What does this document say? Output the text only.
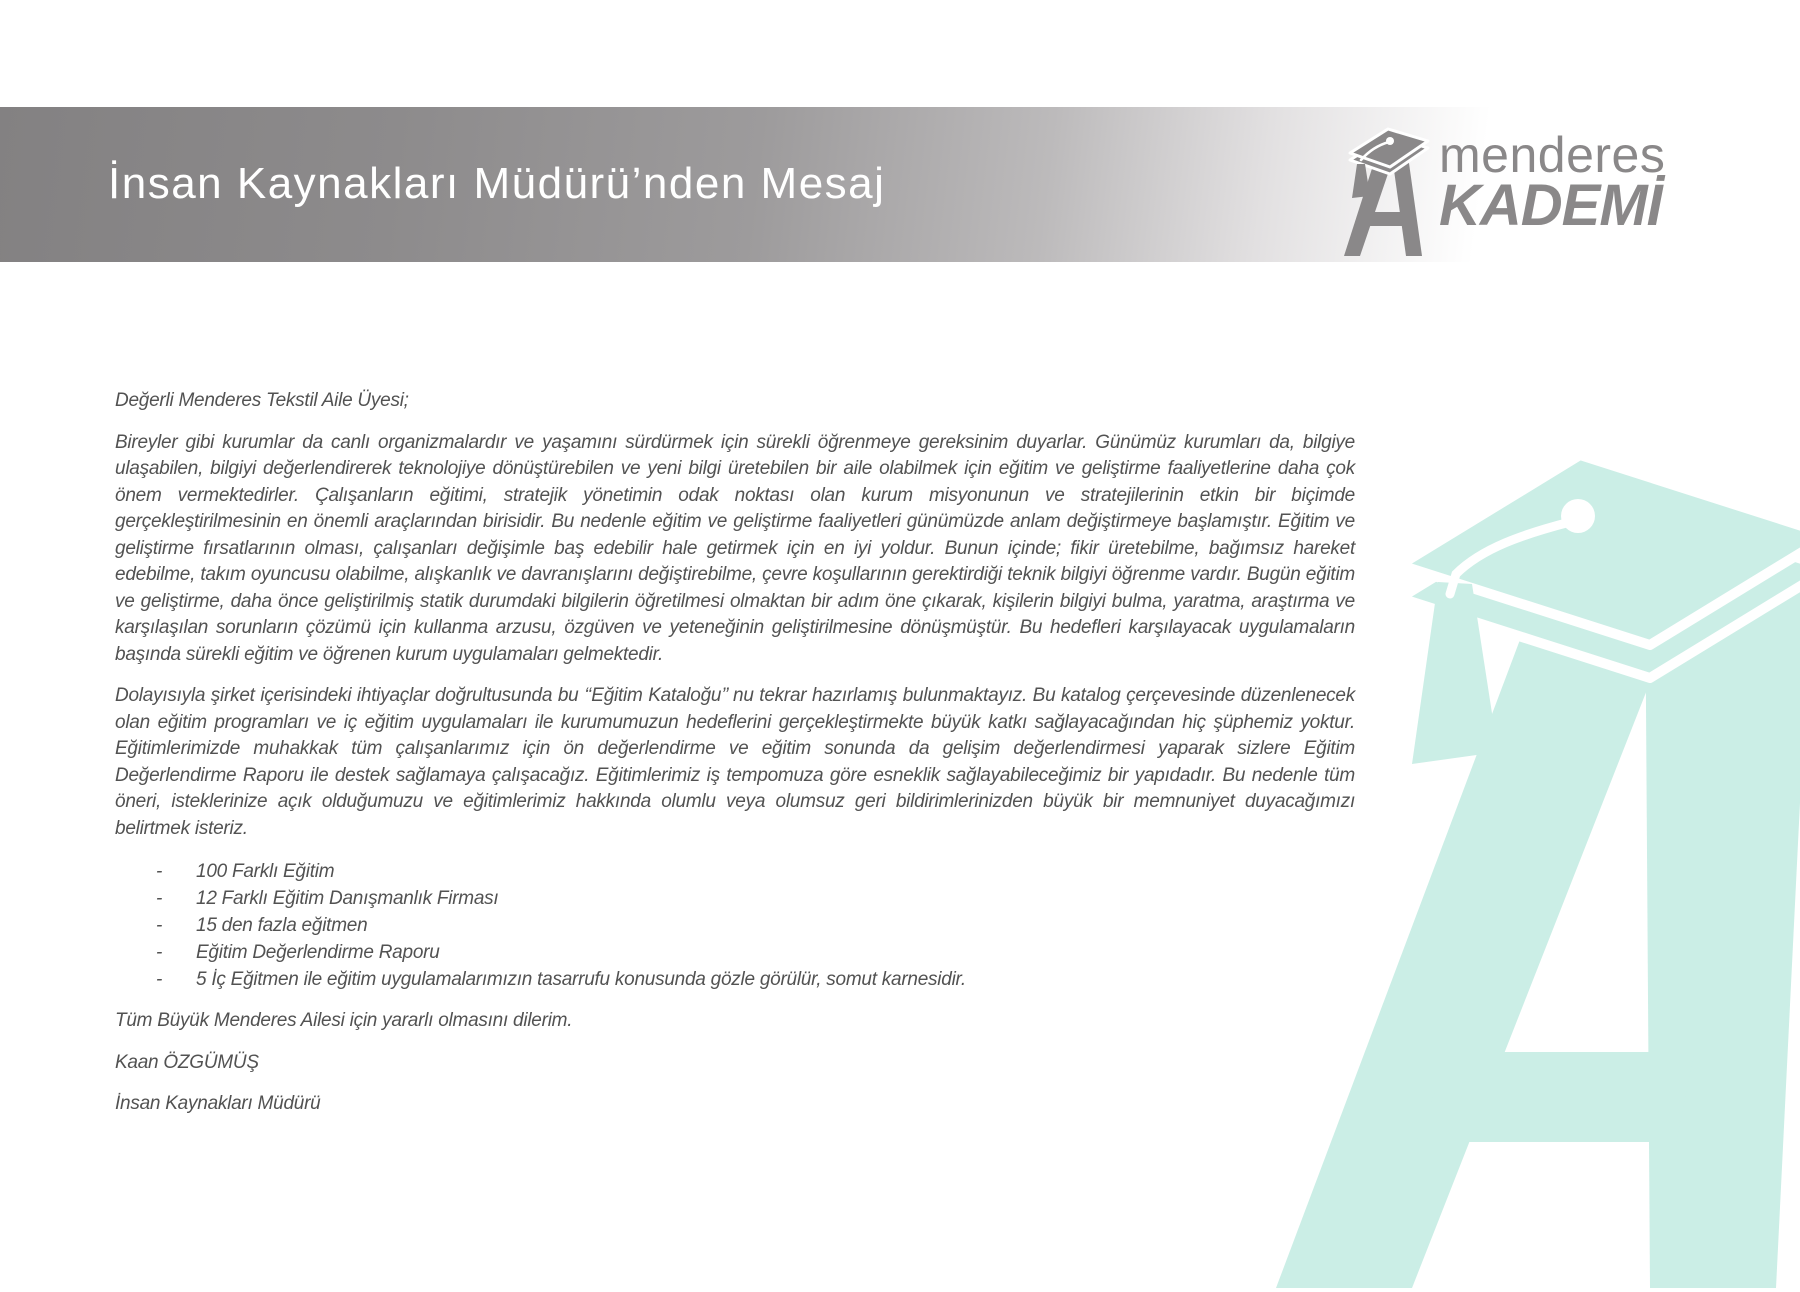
İnsan Kaynakları Müdürü’nden Mesaj	menderes
KADEMİ

Değerli Menderes Tekstil Aile Üyesi;

Bireyler gibi kurumlar da canlı organizmalardır ve yaşamını sürdürmek için sürekli öğrenmeye gereksinim duyarlar. Günümüz kurumları da, bilgiye ulaşabilen, bilgiyi değerlendirerek teknolojiye dönüştürebilen ve yeni bilgi üretebilen bir aile olabilmek için eğitim ve geliştirme faaliyetlerine daha çok önem vermektedirler. Çalışanların eğitimi, stratejik yönetimin odak noktası olan kurum misyonunun ve stratejilerinin etkin bir biçimde gerçekleştirilmesinin en önemli araçlarından birisidir. Bu nedenle eğitim ve geliştirme faaliyetleri günümüzde anlam değiştirmeye başlamıştır. Eğitim ve geliştirme fırsatlarının olması, çalışanları değişimle baş edebilir hale getirmek için en iyi yoldur. Bunun içinde; fikir üretebilme, bağımsız hareket edebilme, takım oyuncusu olabilme, alışkanlık ve davranışlarını değiştirebilme, çevre koşullarının gerektirdiği teknik bilgiyi öğrenme vardır. Bugün eğitim ve geliştirme, daha önce geliştirilmiş statik durumdaki bilgilerin öğretilmesi olmaktan bir adım öne çıkarak, kişilerin bilgiyi bulma, yaratma, araştırma ve karşılaşılan sorunların çözümü için kullanma arzusu, özgüven ve yeteneğinin geliştirilmesine dönüşmüştür. Bu hedefleri karşılayacak uygulamaların başında sürekli eğitim ve öğrenen kurum uygulamaları gelmektedir.

Dolayısıyla şirket içerisindeki ihtiyaçlar doğrultusunda bu ‘‘Eğitim Kataloğu’’ nu tekrar hazırlamış bulunmaktayız. Bu katalog çerçevesinde düzenlenecek olan eğitim programları ve iç eğitim uygulamaları ile kurumumuzun hedeflerini gerçekleştirmekte büyük katkı sağlayacağından hiç şüphemiz yoktur. Eğitimlerimizde muhakkak tüm çalışanlarımız için ön değerlendirme ve eğitim sonunda da gelişim değerlendirmesi yaparak sizlere Eğitim Değerlendirme Raporu ile destek sağlamaya çalışacağız. Eğitimlerimiz iş tempomuza göre esneklik sağlayabileceğimiz bir yapıdadır. Bu nedenle tüm öneri, isteklerinize açık olduğumuzu ve eğitimlerimiz hakkında olumlu veya olumsuz geri bildirimlerinizden büyük bir memnuniyet duyacağımızı belirtmek isteriz.

-	100 Farklı Eğitim
-	12 Farklı Eğitim Danışmanlık Firması
-	15 den fazla eğitmen
-	Eğitim Değerlendirme Raporu
-	5 İç Eğitmen ile eğitim uygulamalarımızın tasarrufu konusunda gözle görülür, somut karnesidir.

Tüm Büyük Menderes Ailesi için yararlı olmasını dilerim.

Kaan ÖZGÜMÜŞ

İnsan Kaynakları Müdürü
